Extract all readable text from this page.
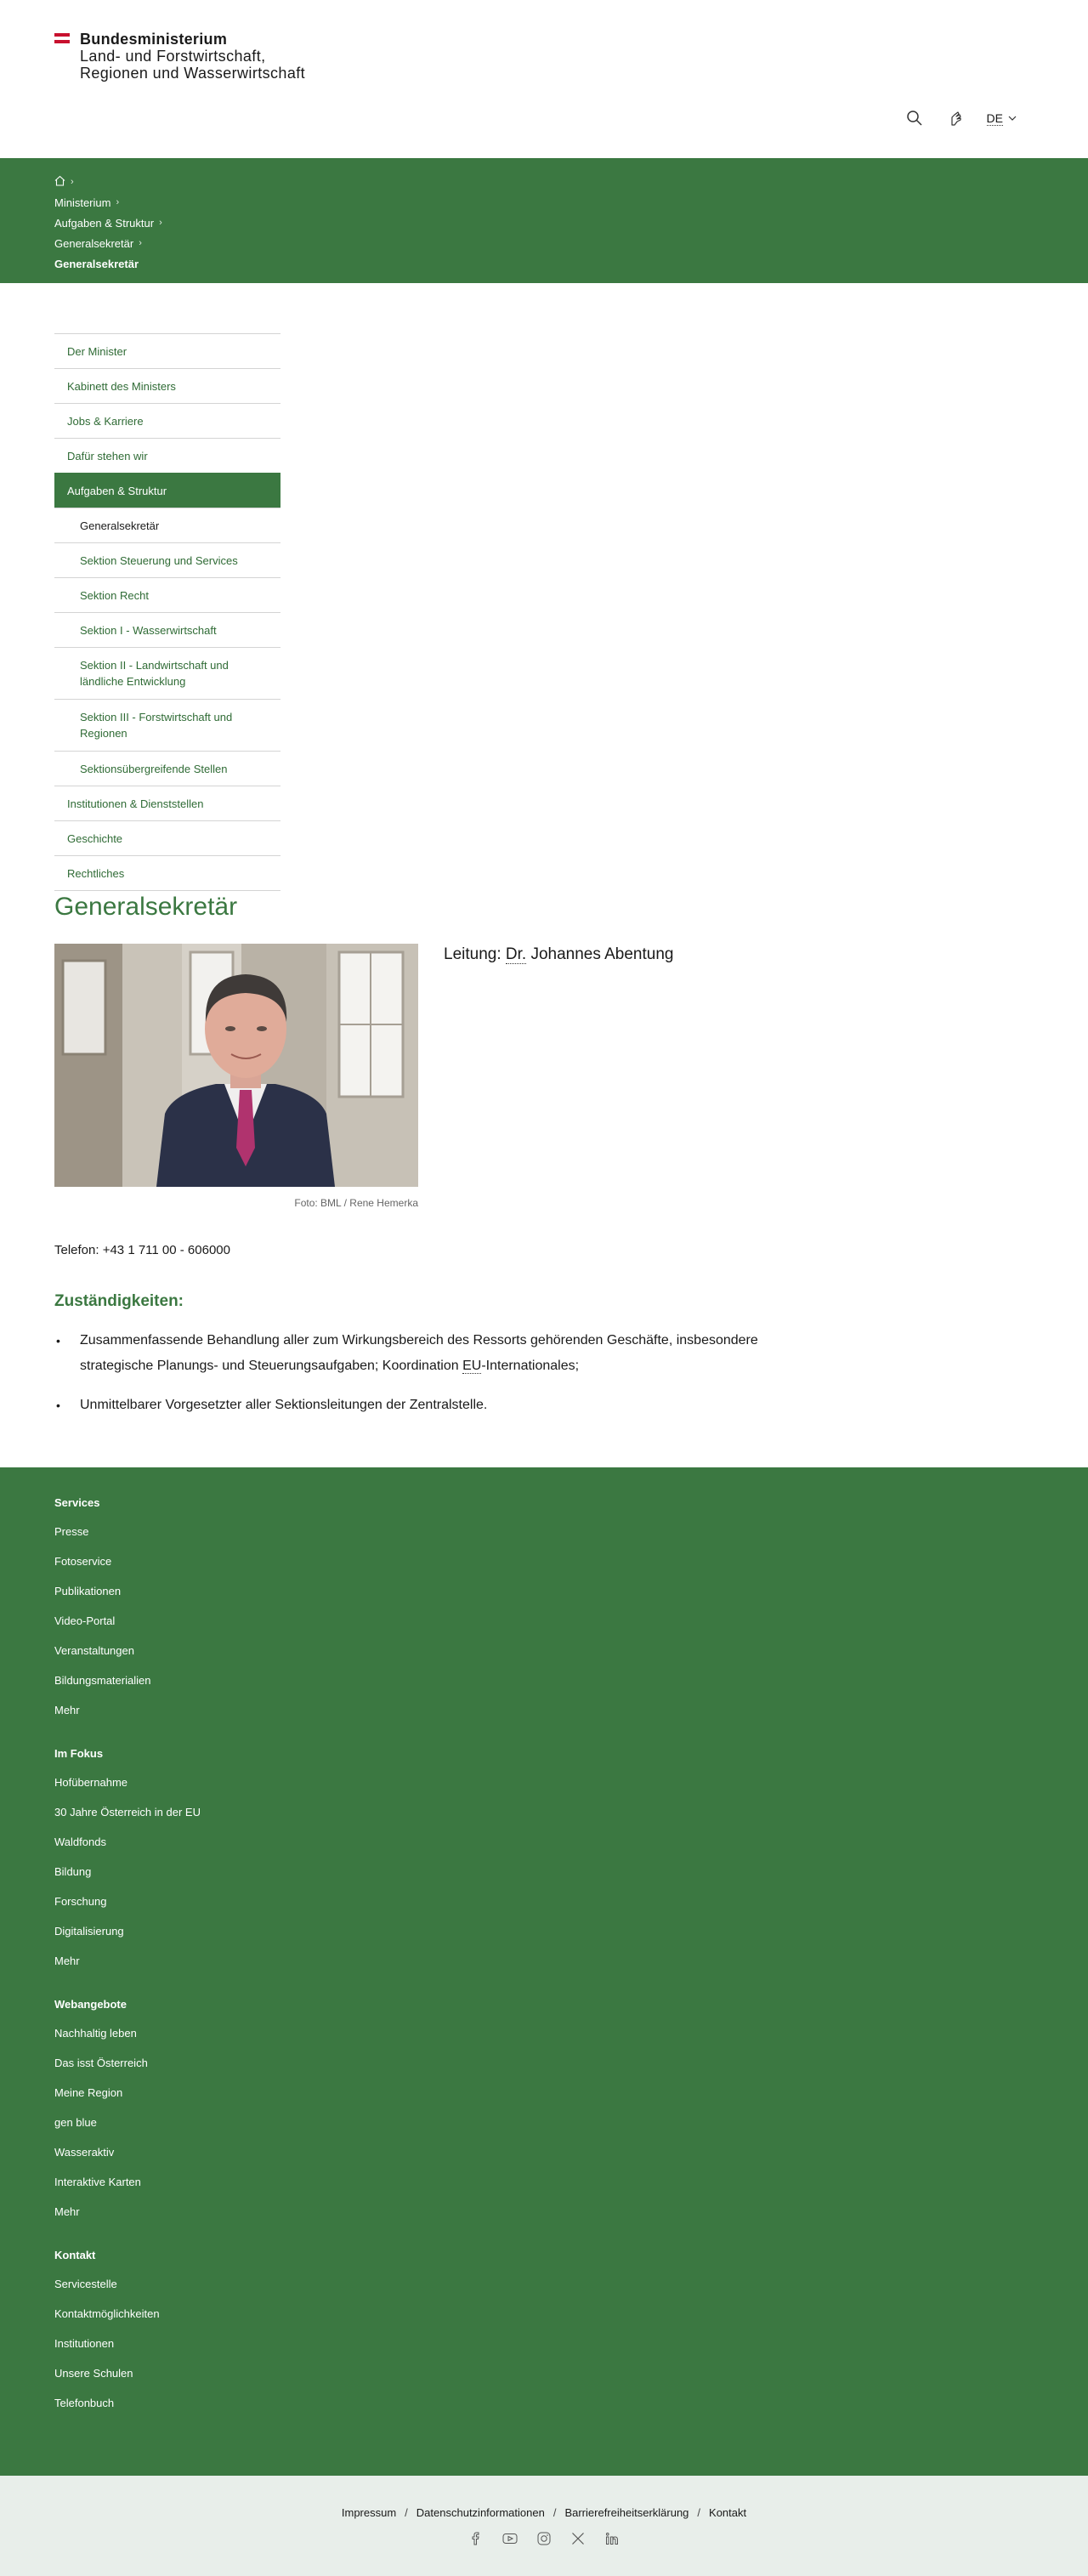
Bundesministerium
Land- und Forstwirtschaft,
Regionen und Wasserwirtschaft
DE
›
Ministerium ›
Aufgaben & Struktur ›
Generalsekretär ›
Generalsekretär
Der Minister
Kabinett des Ministers
Jobs & Karriere
Dafür stehen wir
Aufgaben & Struktur
Generalsekretär
Sektion Steuerung und Services
Sektion Recht
Sektion I - Wasserwirtschaft
Sektion II - Landwirtschaft und ländliche Entwicklung
Sektion III - Forstwirtschaft und Regionen
Sektionsübergreifende Stellen
Institutionen & Dienststellen
Geschichte
Rechtliches
Generalsekretär
Foto: BML / Rene Hemerka
Leitung: Dr. Johannes Abentung
Telefon: +43 1 711 00 - 606000
Zuständigkeiten:
• Zusammenfassende Behandlung aller zum Wirkungsbereich des Ressorts gehörenden Geschäfte, insbesondere strategische Planungs- und Steuerungsaufgaben; Koordination EU-Internationales;
• Unmittelbarer Vorgesetzter aller Sektionsleitungen der Zentralstelle.
Services
Presse
Fotoservice
Publikationen
Video-Portal
Veranstaltungen
Bildungsmaterialien
Mehr
Im Fokus
Hofübernahme
30 Jahre Österreich in der EU
Waldfonds
Bildung
Forschung
Digitalisierung
Mehr
Webangebote
Nachhaltig leben
Das isst Österreich
Meine Region
gen blue
Wasseraktiv
Interaktive Karten
Mehr
Kontakt
Servicestelle
Kontaktmöglichkeiten
Institutionen
Unsere Schulen
Telefonbuch
Impressum / Datenschutzinformationen / Barrierefreiheitserklärung / Kontakt
